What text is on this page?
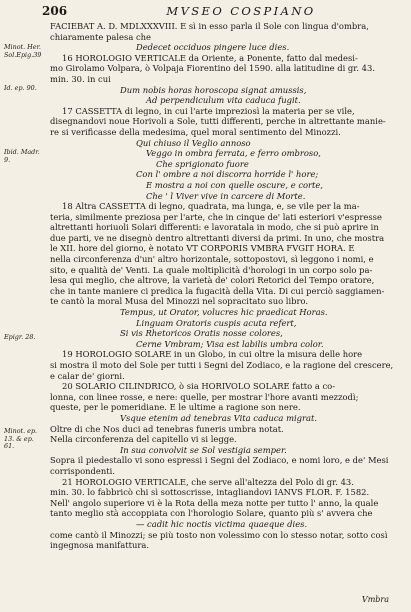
206	MVSEO COSPIANO
Minot. Her. Sol.Epig.39
Id. ep. 90.
Ibid. Madr. 9.
Epigr. 28.
Minot. ep. 13. & ep. 61.
FACIEBAT A. D. MDLXXXVIII. E sì in esso parla il Sole con lingua d'ombra,
chiaramente palesa che
Dedecet occiduos pingere luce dies.
16 HOROLOGIO VERTICALE da Oriente, a Ponente, fatto dal medesi-
mo Girolamo Volpara, ò Volpaja Fiorentino del 1590. alla latitudine di gr. 43.
min. 30. in cui
Dum nobis horas horoscopa signat amussis,
Ad perpendiculum vita caduca fugit.
17 CASSETTA di legno, in cui l'arte impreziosì la materia per se vile,
disegnandovi noue Horivoli a Sole, tutti differenti, perche in altrettante manie-
re si verificasse della medesima, quel moral sentimento del Minozzi.
Qui chiuso il Veglio annoso
Veggo in ombra ferrata, e ferro ombroso,
Che sprigionato fuore
Con l' ombre a noi discorra horride l' hore;
E mostra a noi con quelle oscure, e corte,
Che ' l Viver vive in carcere di Morte.
18 Altra CASSETTA di legno, quadrata, ma lunga, e, se vile per la ma-
teria, similmente preziosa per l'arte, che in cinque de' lati esteriori v'espresse
altrettanti horiuoli Solari differenti: e lavoratala in modo, che si può aprire in
due parti, ve ne disegnò dentro altrettanti diversi da primi. In uno, che mostra
le XII. hore del giorno, è notato VT CORPORIS VMBRA FVGIT HORA. E
nella circonferenza d'un' altro horizontale, sottopostovi, sì leggono i nomi, e
sito, e qualità de' Venti. La quale moltiplicità d'horologi in un corpo solo pa-
lesa qui meglio, che altrove, la varietà de' colori Retorici del Tempo oratore,
che in tante maniere ci predica la fugacità della Vita. Di cui perciò saggiamen-
te cantò la moral Musa del Minozzi nel sopracitato suo libro.
Tempus, ut Orator, volucres hic praedicat Horas.
Linguam Oratoris cuspis acuta refert,
Si vis Rhetoricos Oratis nosse colores,
Cerne Vmbram; Visa est labilis umbra color.
19 HOROLOGIO SOLARE in un Globo, in cui oltre la misura delle hore
si mostra il moto del Sole per tutti i Segni del Zodiaco, e la ragione del crescere,
e calar de' giorni.
20 SOLARIO CILINDRICO, ò sia HORIVOLO SOLARE fatto a co-
lonna, con linee rosse, e nere: quelle, per mostrar l'hore avanti mezzodì;
queste, per le pomeridiane. E le ultime a ragione son nere.
Vsque etenim ad tenebras Vita caduca migrat.
Oltre di che Nos duci ad tenebras funeris umbra notat.
Nella circonferenza del capitello vi si legge.
In sua convolvit se Sol vestigia semper.
Sopra il piedestallo vi sono espressi i Segni del Zodiaco, e nomi loro, e de' Mesi
corrispondenti.
21 HOROLOGIO VERTICALE, che serve all'altezza del Polo di gr. 43.
min. 30. lo fabbricò chi sì sottoscrisse, intagliandovi IANVS FLOR. F. 1582.
Nell' angolo superiore vi è la Rota della meza notte per tutto l' anno, la quale
tanto meglio stà accoppiata con l'horologio Solare, quanto più s' avvera che
— cadit hic noctis victima quaeque dies.
come cantò il Minozzi; se più tosto non volessimo con lo stesso notar, sotto così
ingegnosa manifattura.
Vmbra
